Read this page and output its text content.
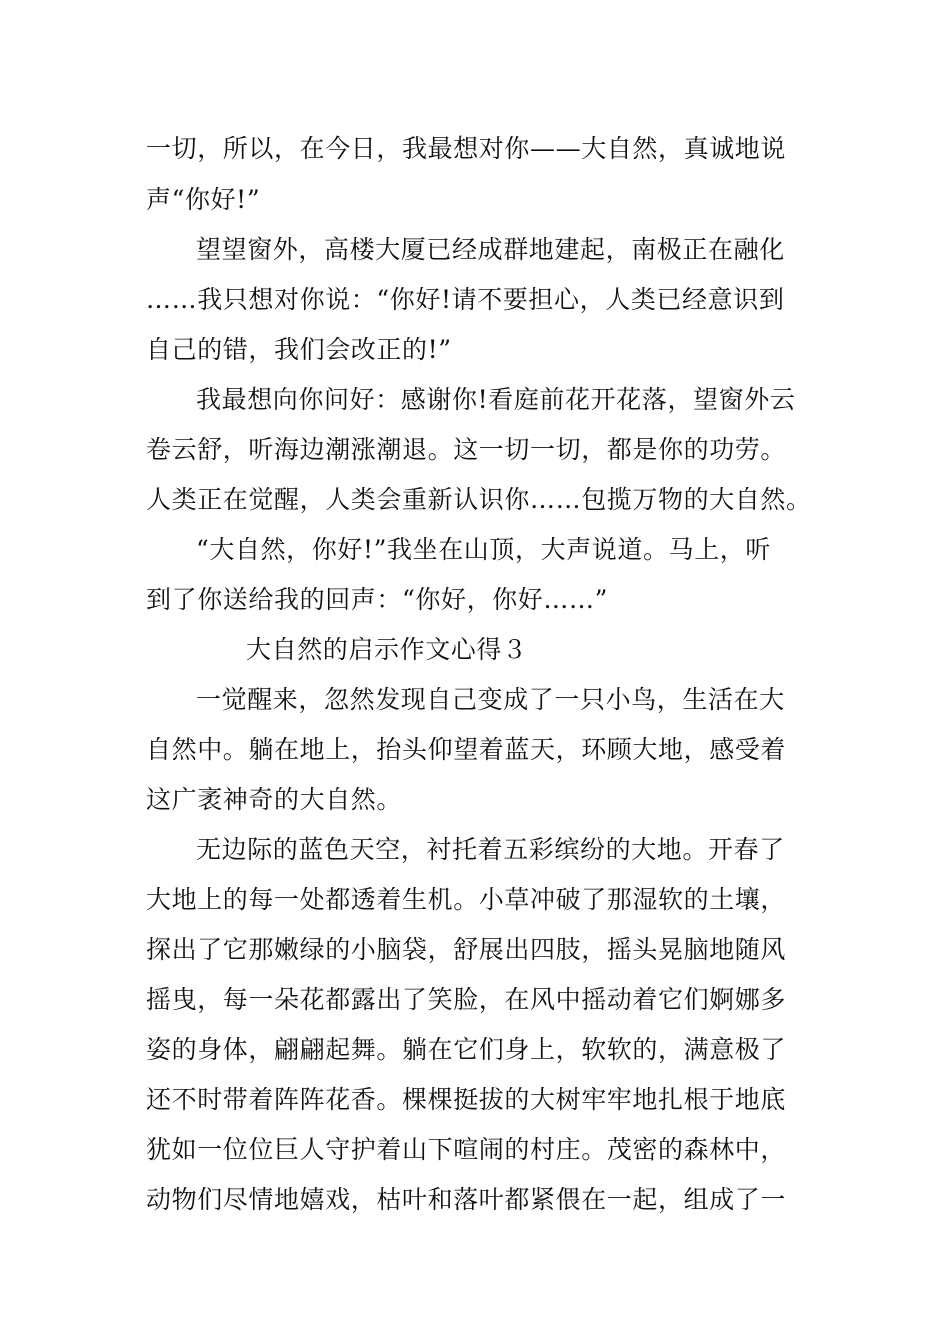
一切，所以，在今日，我最想对你——大自然，真诚地说
声“你好!”
望望窗外，高楼大厦已经成群地建起，南极正在融化
……我只想对你说：“你好!请不要担心，人类已经意识到
自己的错，我们会改正的!”
我最想向你问好：感谢你!看庭前花开花落，望窗外云
卷云舒，听海边潮涨潮退。这一切一切，都是你的功劳。
人类正在觉醒，人类会重新认识你……包揽万物的大自然。
“大自然，你好!”我坐在山顶，大声说道。马上，听
到了你送给我的回声：“你好，你好……”
大自然的启示作文心得３
一觉醒来，忽然发现自己变成了一只小鸟，生活在大
自然中。躺在地上，抬头仰望着蓝天，环顾大地，感受着
这广袤神奇的大自然。
无边际的蓝色天空，衬托着五彩缤纷的大地。开春了
大地上的每一处都透着生机。小草冲破了那湿软的土壤，
探出了它那嫩绿的小脑袋，舒展出四肢，摇头晃脑地随风
摇曳，每一朵花都露出了笑脸，在风中摇动着它们婀娜多
姿的身体，翩翩起舞。躺在它们身上，软软的，满意极了
还不时带着阵阵花香。棵棵挺拔的大树牢牢地扎根于地底
犹如一位位巨人守护着山下喧闹的村庄。茂密的森林中，
动物们尽情地嬉戏，枯叶和落叶都紧偎在一起，组成了一
